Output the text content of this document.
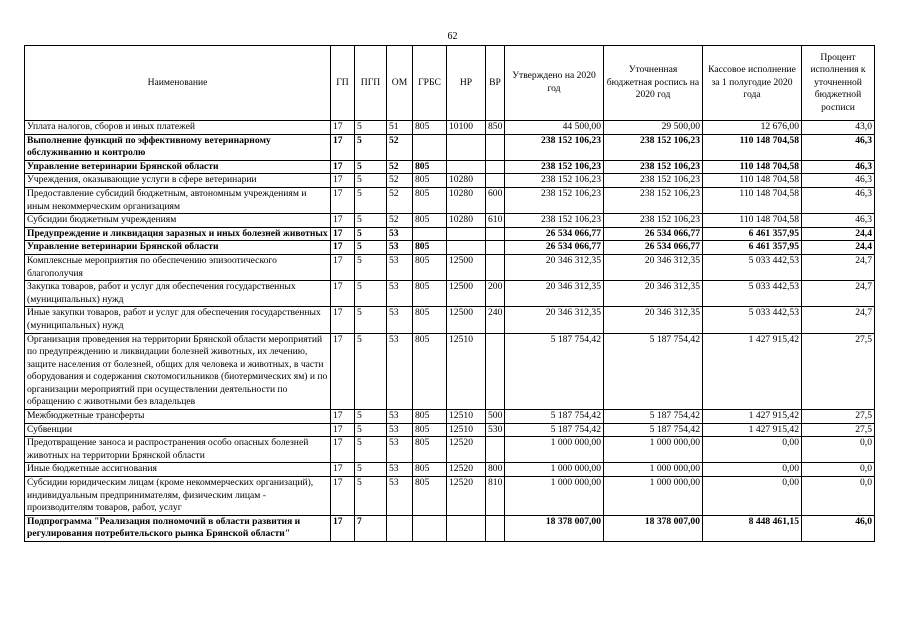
62
Наименование	ГП	ПГП	ОМ	ГРБС	НР	ВР	Утверждено на 2020 год	Уточненная бюджетная роспись на 2020 год	Кассовое исполнение за 1 полугодие 2020 года	Процент исполнения к уточненной бюджетной росписи
Уплата налогов, сборов и иных платежей	17	5	51	805	10100	850	44 500,00	29 500,00	12 676,00	43,0
Выполнение функций по эффективному ветеринарному обслуживанию и контролю	17	5	52				238 152 106,23	238 152 106,23	110 148 704,58	46,3
Управление ветеринарии Брянской области	17	5	52	805			238 152 106,23	238 152 106,23	110 148 704,58	46,3
Учреждения, оказывающие услуги в сфере ветеринарии	17	5	52	805	10280		238 152 106,23	238 152 106,23	110 148 704,58	46,3
Предоставление субсидий бюджетным, автономным учреждениям и иным некоммерческим организациям	17	5	52	805	10280	600	238 152 106,23	238 152 106,23	110 148 704,58	46,3
Субсидии бюджетным учреждениям	17	5	52	805	10280	610	238 152 106,23	238 152 106,23	110 148 704,58	46,3
Предупреждение и ликвидация заразных и иных болезней животных	17	5	53				26 534 066,77	26 534 066,77	6 461 357,95	24,4
Управление ветеринарии Брянской области	17	5	53	805			26 534 066,77	26 534 066,77	6 461 357,95	24,4
Комплексные мероприятия по обеспечению эпизоотического благополучия	17	5	53	805	12500		20 346 312,35	20 346 312,35	5 033 442,53	24,7
Закупка товаров, работ и услуг для обеспечения государственных (муниципальных) нужд	17	5	53	805	12500	200	20 346 312,35	20 346 312,35	5 033 442,53	24,7
Иные закупки товаров, работ и услуг для обеспечения государственных (муниципальных) нужд	17	5	53	805	12500	240	20 346 312,35	20 346 312,35	5 033 442,53	24,7
Организация проведения на территории Брянской области мероприятий по предупреждению и ликвидации болезней животных, их лечению, защите населения от болезней, общих для человека и животных, в части оборудования и содержания скотомогильников (биотермических ям) и по организации мероприятий при осуществлении деятельности по обращению с животными без владельцев	17	5	53	805	12510		5 187 754,42	5 187 754,42	1 427 915,42	27,5
Межбюджетные трансферты	17	5	53	805	12510	500	5 187 754,42	5 187 754,42	1 427 915,42	27,5
Субвенции	17	5	53	805	12510	530	5 187 754,42	5 187 754,42	1 427 915,42	27,5
Предотвращение заноса и распространения особо опасных болезней животных на территории Брянской области	17	5	53	805	12520		1 000 000,00	1 000 000,00	0,00	0,0
Иные бюджетные ассигнования	17	5	53	805	12520	800	1 000 000,00	1 000 000,00	0,00	0,0
Субсидии юридическим лицам (кроме некоммерческих организаций), индивидуальным предпринимателям, физическим лицам - производителям товаров, работ, услуг	17	5	53	805	12520	810	1 000 000,00	1 000 000,00	0,00	0,0
Подпрограмма "Реализация полномочий в области развития и регулирования потребительского рынка Брянской области"	17	7					18 378 007,00	18 378 007,00	8 448 461,15	46,0
